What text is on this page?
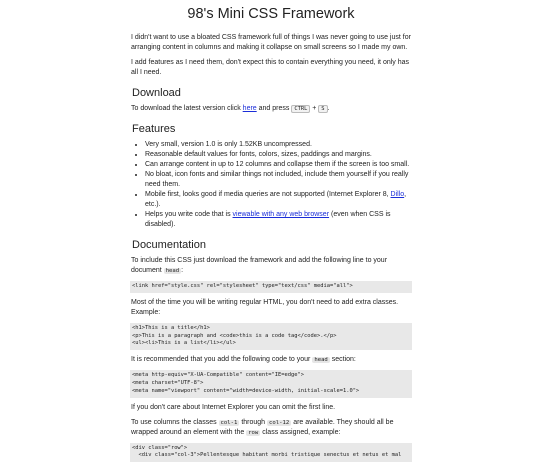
98's Mini CSS Framework

I didn't want to use a bloated CSS framework full of things I was never going to use just for arranging content in columns and making it collapse on small screens so I made my own.

I add features as I need them, don't expect this to contain everything you need, it only has all I need.

Download

To download the latest version click here and press CTRL + S .

Features
• Very small, version 1.0 is only 1.52KB uncompressed.
• Reasonable default values for fonts, colors, sizes, paddings and margins.
• Can arrange content in up to 12 columns and collapse them if the screen is too small.
• No bloat, icon fonts and similar things not included, include them yourself if you really need them.
• Mobile first, looks good if media queries are not supported (Internet Explorer 8, Dillo, etc.).
• Helps you write code that is viewable with any web browser (even when CSS is disabled).
Documentation

To include this CSS just download the framework and add the following line to your document head :

<link href="style.css" rel="stylesheet" type="text/css" media="all">

Most of the time you will be writing regular HTML, you don't need to add extra classes. Example:

<h1>This is a title</h1>
<p>This is a paragraph and <code>this is a code tag</code>.</p>
<ul><li>This is a list</li></ul>

It is recommended that you add the following code to your head section:

<meta http-equiv="X-UA-Compatible" content="IE=edge">
<meta charset="UTF-8">
<meta name="viewport" content="width=device-width, initial-scale=1.0">

If you don't care about Internet Explorer you can omit the first line.

To use columns the classes col-1 through col-12 are available. They should all be wrapped around an element with the row class assigned, example:

<div class="row">
<div class="col-3">Pellentesque habitant morbi tristique senectus et netus et mal
